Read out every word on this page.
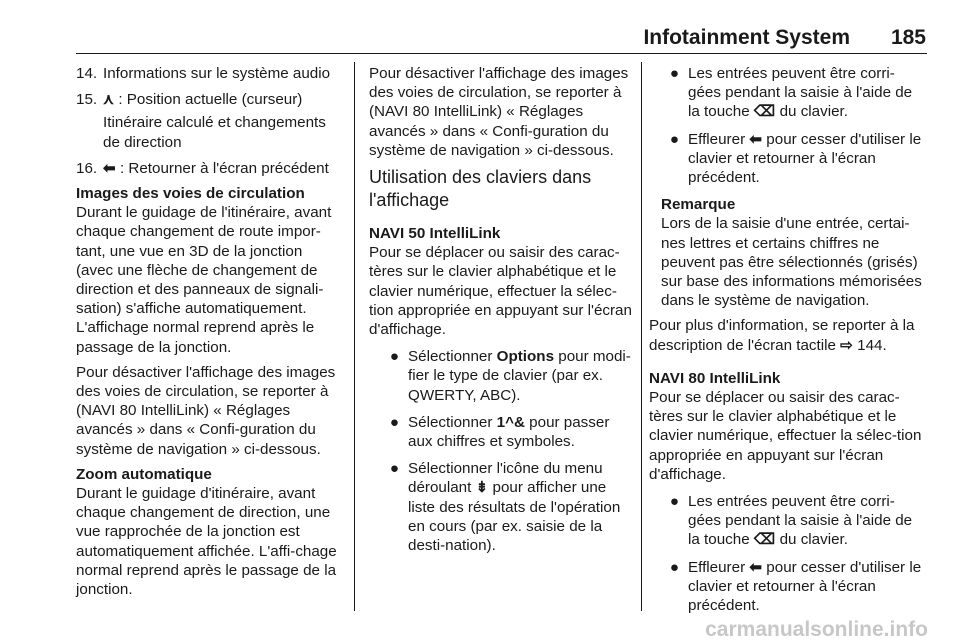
Infotainment System	185
14. Informations sur le système audio
15. ⋏ : Position actuelle (curseur)

Itinéraire calculé et changements de direction

16. ⬅ : Retourner à l'écran précédent

Images des voies de circulation

Durant le guidage de l'itinéraire, avant chaque changement de route impor-tant, une vue en 3D de la jonction (avec une flèche de changement de direction et des panneaux de signali-sation) s'affiche automatiquement. L'affichage normal reprend après le passage de la jonction.

Pour désactiver l'affichage des images des voies de circulation, se reporter à (NAVI 80 IntelliLink) « Réglages avancés » dans « Confi-guration du système de navigation » ci-dessous.

Zoom automatique

Durant le guidage d'itinéraire, avant chaque changement de direction, une vue rapprochée de la jonction est automatiquement affichée. L'affi-chage normal reprend après le passage de la jonction.

Pour désactiver l'affichage des images des voies de circulation, se reporter à (NAVI 80 IntelliLink) « Réglages avancés » dans « Confi-guration du système de navigation » ci-dessous.

Utilisation des claviers dans l'affichage

NAVI 50 IntelliLink

Pour se déplacer ou saisir des carac-tères sur le clavier alphabétique et le clavier numérique, effectuer la sélec-tion appropriée en appuyant sur l'écran d'affichage.

● Sélectionner Options pour modi-fier le type de clavier (par ex. QWERTY, ABC).
● Sélectionner 1^& pour passer aux chiffres et symboles.
● Sélectionner l'icône du menu déroulant ⇟ pour afficher une liste des résultats de l'opération en cours (par ex. saisie de la desti-nation).
● Les entrées peuvent être corri-gées pendant la saisie à l'aide de la touche ⌫ du clavier.
● Effleurer ⬅ pour cesser d'utiliser le clavier et retourner à l'écran précédent.

Remarque

Lors de la saisie d'une entrée, certai-nes lettres et certains chiffres ne peuvent pas être sélectionnés (grisés) sur base des informations mémorisées dans le système de navigation.

Pour plus d'information, se reporter à la description de l'écran tactile ⇨ 144.

NAVI 80 IntelliLink

Pour se déplacer ou saisir des carac-tères sur le clavier alphabétique et le clavier numérique, effectuer la sélec-tion appropriée en appuyant sur l'écran d'affichage.

● Les entrées peuvent être corri-gées pendant la saisie à l'aide de la touche ⌫ du clavier.
● Effleurer ⬅ pour cesser d'utiliser le clavier et retourner à l'écran précédent.
carmanualsonline.info
